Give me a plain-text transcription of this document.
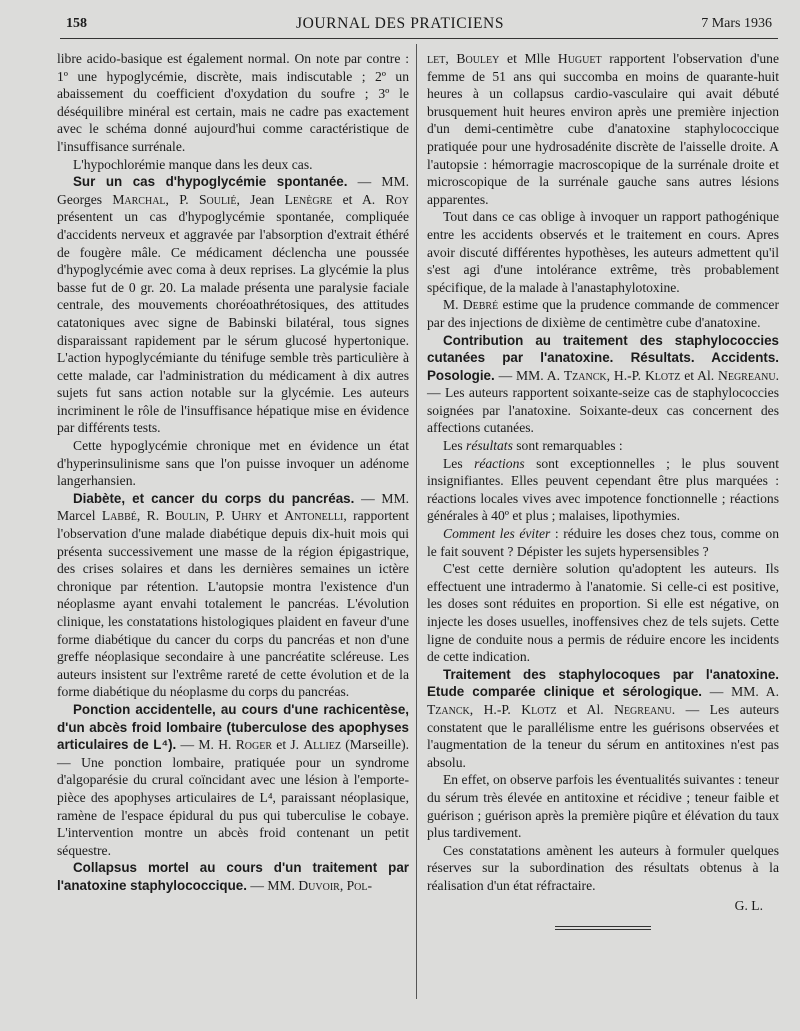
158	JOURNAL DES PRATICIENS	7 Mars 1936

libre acido-basique est également normal. On note par contre : 1º une hypoglycémie, discrète, mais indiscutable ; 2º un abaissement du coefficient d'oxydation du soufre ; 3º le déséquilibre minéral est certain, mais ne cadre pas exactement avec le schéma donné aujourd'hui comme caractéristique de l'insuffisance surrénale.

L'hypochlorémie manque dans les deux cas.

Sur un cas d'hypoglycémie spontanée. — MM. Georges Marchal, P. Soulié, Jean Lenègre et A. Roy présentent un cas d'hypoglycémie spontanée, compliquée d'accidents nerveux et aggravée par l'absorption d'extrait éthéré de fougère mâle. Ce médicament déclencha une poussée d'hypoglycémie avec coma à deux reprises. La glycémie la plus basse fut de 0 gr. 20. La malade présenta une paralysie faciale centrale, des mouvements choréoathrétosiques, des attitudes catatoniques avec signe de Babinski bilatéral, tous signes disparaissant rapidement par le sérum glucosé hypertonique. L'action hypoglycémiante du ténifuge semble très particulière à cette malade, car l'administration du médicament à dix autres sujets fut sans action notable sur la glycémie. Les auteurs incriminent le rôle de l'insuffisance hépatique mise en évidence par différents tests.

Cette hypoglycémie chronique met en évidence un état d'hyperinsulinisme sans que l'on puisse invoquer un adénome langerhansien.

Diabète, et cancer du corps du pancréas. — MM. Marcel Labbé, R. Boulin, P. Uhry et Antonelli, rapportent l'observation d'une malade diabétique depuis dix-huit mois qui présenta successivement une masse de la région épigastrique, des crises solaires et dans les dernières semaines un ictère chronique par rétention. L'autopsie montra l'existence d'un néoplasme ayant envahi totalement le pancréas. L'évolution clinique, les constatations histologiques plaident en faveur d'une forme diabétique du cancer du corps du pancréas et non d'une greffe néoplasique secondaire à une pancréatite scléreuse. Les auteurs insistent sur l'extrême rareté de cette évolution et de la forme diabétique du néoplasme du corps du pancréas.

Ponction accidentelle, au cours d'une rachicentèse, d'un abcès froid lombaire (tuberculose des apophyses articulaires de L⁴). — M. H. Roger et J. Alliez (Marseille). — Une ponction lombaire, pratiquée pour un syndrome d'algoparésie du crural coïncidant avec une lésion à l'emporte-pièce des apophyses articulaires de L⁴, paraissant néoplasique, ramène de l'espace épidural du pus qui tuberculise le cobaye. L'intervention montre un abcès froid contenant un petit séquestre.

Collapsus mortel au cours d'un traitement par l'anatoxine staphylococcique. — MM. Duvoir, Pol-

let, Bouley et Mlle Huguet rapportent l'observation d'une femme de 51 ans qui succomba en moins de quarante-huit heures à un collapsus cardio-vasculaire qui avait débuté brusquement huit heures environ après une première injection d'un demi-centimètre cube d'anatoxine staphylococcique pratiquée pour une hydrosadénite discrète de l'aisselle droite. A l'autopsie : hémorragie macroscopique de la surrénale droite et microscopique de la surrénale gauche sans autres lésions apparentes.

Tout dans ce cas oblige à invoquer un rapport pathogénique entre les accidents observés et le traitement en cours. Apres avoir discuté différentes hypothèses, les auteurs admettent qu'il s'est agi d'une intolérance extrême, très probablement spécifique, de la malade à l'anastaphylotoxine.

M. Debré estime que la prudence commande de commencer par des injections de dixième de centimètre cube d'anatoxine.

Contribution au traitement des staphylococcies cutanées par l'anatoxine. Résultats. Accidents. Posologie. — MM. A. Tzanck, H.-P. Klotz et Al. Negreanu. — Les auteurs rapportent soixante-seize cas de staphylococcies soignées par l'anatoxine. Soixante-deux cas concernent des affections cutanées.

Les résultats sont remarquables :

Les réactions sont exceptionnelles ; le plus souvent insignifiantes. Elles peuvent cependant être plus marquées : réactions locales vives avec impotence fonctionnelle ; réactions générales à 40º et plus ; malaises, lipothymies.

Comment les éviter : réduire les doses chez tous, comme on le fait souvent ? Dépister les sujets hypersensibles ?

C'est cette dernière solution qu'adoptent les auteurs. Ils effectuent une intradermo à l'anatomie. Si celle-ci est positive, les doses sont réduites en proportion. Si elle est négative, on injecte les doses usuelles, inoffensives chez de tels sujets. Cette ligne de conduite nous a permis de réduire encore les incidents de cette indication.

Traitement des staphylocoques par l'anatoxine. Etude comparée clinique et sérologique. — MM. A. Tzanck, H.-P. Klotz et Al. Negreanu. — Les auteurs constatent que le parallélisme entre les guérisons observées et l'augmentation de la teneur du sérum en antitoxines n'est pas absolu.

En effet, on observe parfois les éventualités suivantes : teneur du sérum très élevée en antitoxine et récidive ; teneur faible et guérison ; guérison après la première piqûre et élévation du taux plus tardivement.

Ces constatations amènent les auteurs à formuler quelques réserves sur la subordination des résultats obtenus à la réalisation d'un état réfractaire.

G. L.
